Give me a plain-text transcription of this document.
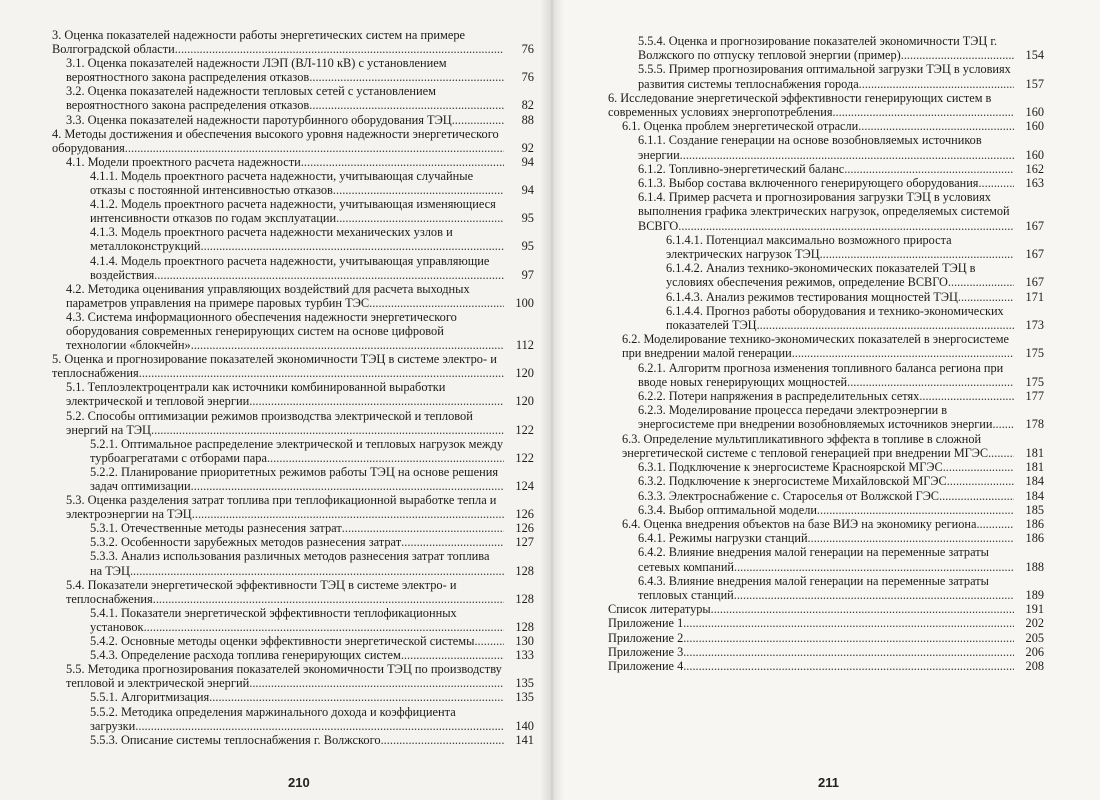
3. Оценка показателей надежности работы энергетических систем на примере Волгоградской области .....	76
3.1. Оценка показателей надежности ЛЭП (ВЛ-110 кВ) с установлением вероятностного закона распределения отказов .....	76
3.2. Оценка показателей надежности тепловых сетей с установлением вероятностного закона распределения отказов .....	82
3.3. Оценка показателей надежности паротурбинного оборудования ТЭЦ .....	88
4. Методы достижения и обеспечения высокого уровня надежности энергетического оборудования .....	92
4.1. Модели проектного расчета надежности .....	94
4.1.1. Модель проектного расчета надежности, учитывающая случайные отказы с постоянной интенсивностью отказов .....	94
4.1.2. Модель проектного расчета надежности, учитывающая изменяющиеся интенсивности отказов по годам эксплуатации .....	95
4.1.3. Модель проектного расчета надежности механических узлов и металлоконструкций .....	95
4.1.4. Модель проектного расчета надежности, учитывающая управляющие воздействия .....	97
4.2. Методика оценивания управляющих воздействий для расчета выходных параметров управления на примере паровых турбин ТЭС .....	100
4.3. Система информационного обеспечения надежности энергетического оборудования современных генерирующих систем на основе цифровой технологии «блокчейн» .....	112
5. Оценка и прогнозирование показателей экономичности ТЭЦ в системе электро- и теплоснабжения .....	120
5.1. Теплоэлектроцентрали как источники комбинированной выработки электрической и тепловой энергии .....	120
5.2. Способы оптимизации режимов производства электрической и тепловой энергий на ТЭЦ .....	122
5.2.1. Оптимальное распределение электрической и тепловых нагрузок между турбоагрегатами с отборами пара .....	122
5.2.2. Планирование приоритетных режимов работы ТЭЦ на основе решения задач оптимизации .....	124
5.3. Оценка разделения затрат топлива при теплофикационной выработке тепла и электроэнергии на ТЭЦ .....	126
5.3.1. Отечественные методы разнесения затрат .....	126
5.3.2. Особенности зарубежных методов разнесения затрат .....	127
5.3.3. Анализ использования различных методов разнесения затрат топлива на ТЭЦ .....	128
5.4. Показатели энергетической эффективности ТЭЦ в системе электро- и теплоснабжения .....	128
5.4.1. Показатели энергетической эффективности теплофикационных установок .....	128
5.4.2. Основные методы оценки эффективности энергетической системы .....	130
5.4.3. Определение расхода топлива генерирующих систем .....	133
5.5. Методика прогнозирования показателей экономичности ТЭЦ по производству тепловой и электрической энергий .....	135
5.5.1. Алгоритмизация .....	135
5.5.2. Методика определения маржинального дохода и коэффициента загрузки .....	140
5.5.3. Описание системы теплоснабжения г. Волжского .....	141
210
5.5.4. Оценка и прогнозирование показателей экономичности ТЭЦ г. Волжского по отпуску тепловой энергии (пример) .....	154
5.5.5. Пример прогнозирования оптимальной загрузки ТЭЦ в условиях развития системы теплоснабжения города .....	157
6. Исследование энергетической эффективности генерирующих систем в современных условиях энергопотребления .....	160
6.1. Оценка проблем энергетической отрасли .....	160
6.1.1. Создание генерации на основе возобновляемых источников энергии .....	160
6.1.2. Топливно-энергетический баланс .....	162
6.1.3. Выбор состава включенного генерирующего оборудования .....	163
6.1.4. Пример расчета и прогнозирования загрузки ТЭЦ в условиях выполнения графика электрических нагрузок, определяемых системой ВСВГО .....	167
6.1.4.1. Потенциал максимально возможного прироста электрических нагрузок ТЭЦ .....	167
6.1.4.2. Анализ технико-экономических показателей ТЭЦ в условиях обеспечения режимов, определение ВСВГО .....	167
6.1.4.3. Анализ режимов тестирования мощностей ТЭЦ .....	171
6.1.4.4. Прогноз работы оборудования и технико-экономических показателей ТЭЦ .....	173
6.2. Моделирование технико-экономических показателей в энергосистеме при внедрении малой генерации .....	175
6.2.1. Алгоритм прогноза изменения топливного баланса региона при вводе новых генерирующих мощностей .....	175
6.2.2. Потери напряжения в распределительных сетях .....	177
6.2.3. Моделирование процесса передачи электроэнергии в энергосистеме при внедрении возобновляемых источников энергии .....	178
6.3. Определение мультипликативного эффекта в топливе в сложной энергетической системе с тепловой генерацией при внедрении МГЭС .....	181
6.3.1. Подключение к энергосистеме Красноярской МГЭС .....	181
6.3.2. Подключение к энергосистеме Михайловской МГЭС .....	184
6.3.3. Электроснабжение с. Староселья от Волжской ГЭС .....	184
6.3.4. Выбор оптимальной модели .....	185
6.4. Оценка внедрения объектов на базе ВИЭ на экономику региона .....	186
6.4.1. Режимы нагрузки станций .....	186
6.4.2. Влияние внедрения малой генерации на переменные затраты сетевых компаний .....	188
6.4.3. Влияние внедрения малой генерации на переменные затраты тепловых станций .....	189
Список литературы .....	191
Приложение 1 .....	202
Приложение 2 .....	205
Приложение 3 .....	206
Приложение 4 .....	208
211
